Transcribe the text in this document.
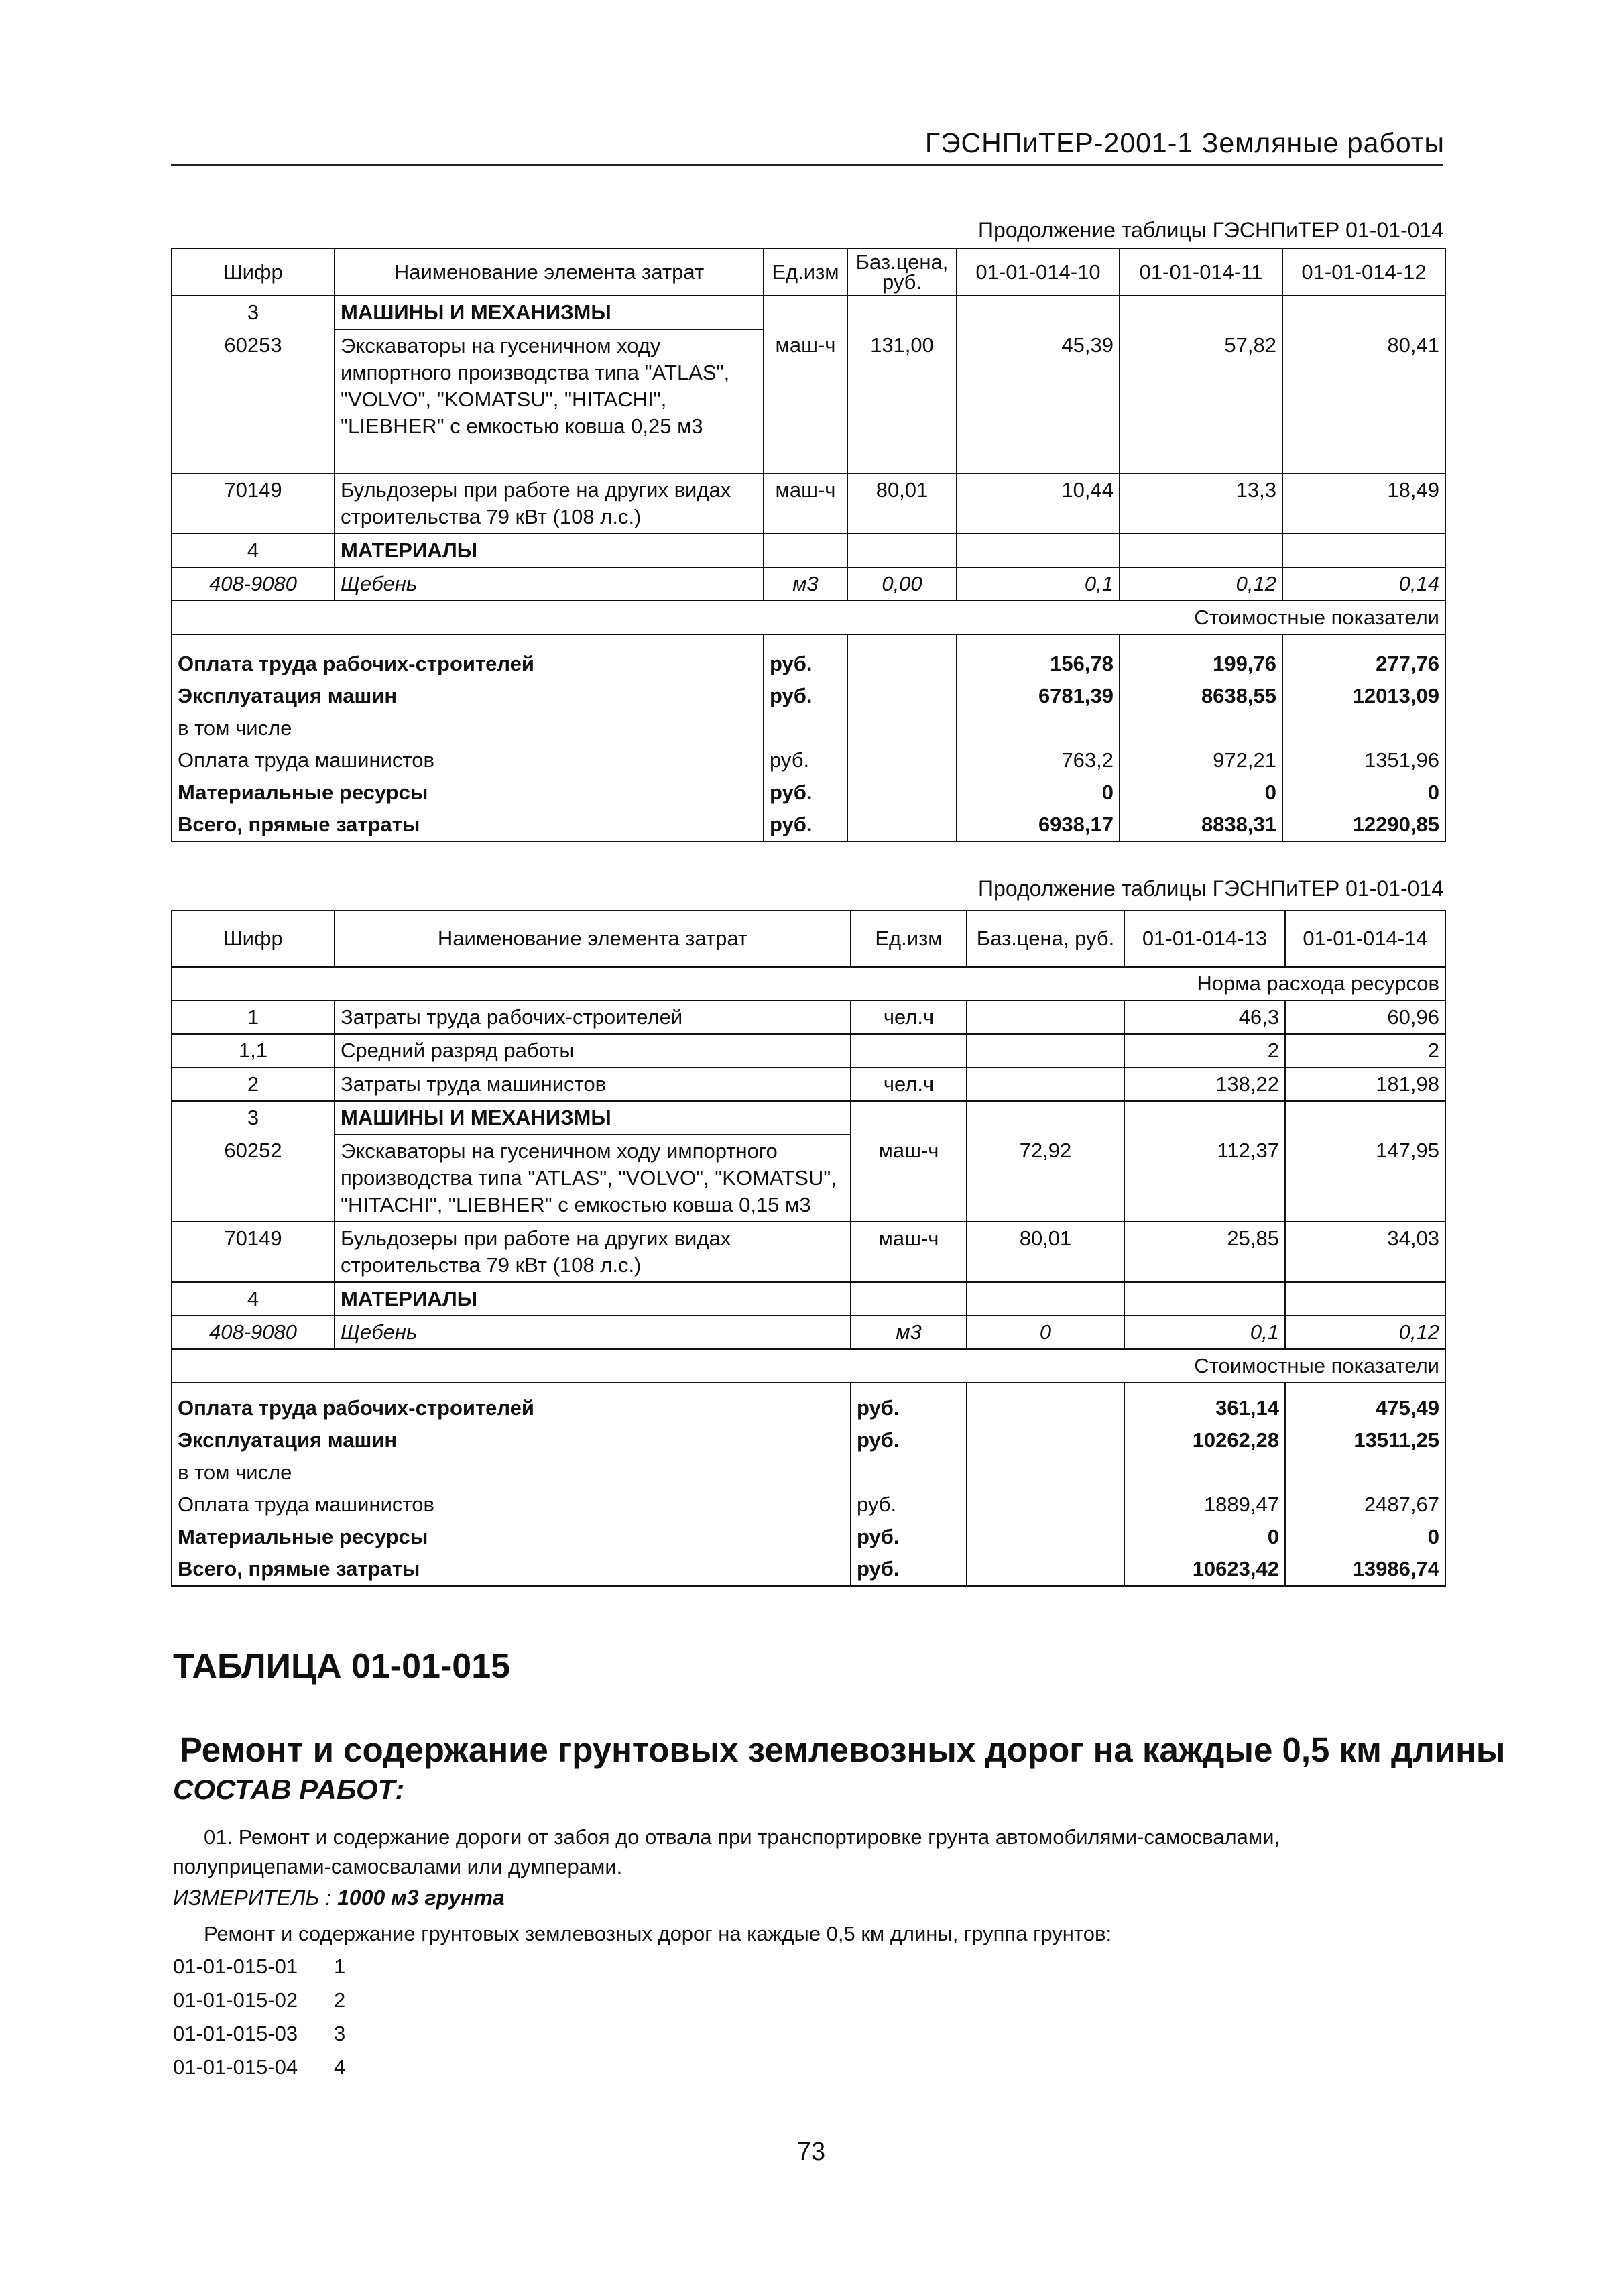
ГЭСНПиТЕР-2001-1 Земляные работы
Продолжение таблицы ГЭСНПиТЕР 01-01-014
Шифр	Наименование элемента затрат	Ед.изм	Баз.цена, руб.	01-01-014-10	01-01-014-11	01-01-014-12
3	МАШИНЫ И МЕХАНИЗМЫ					
60253	Экскаваторы на гусеничном ходу импортного производства типа "ATLAS", "VOLVO", "KOMATSU", "HITACHI", "LIEBHER" с емкостью ковша 0,25 м3	маш-ч	131,00	45,39	57,82	80,41
70149	Бульдозеры при работе на других видах строительства 79 кВт (108 л.с.)	маш-ч	80,01	10,44	13,3	18,49
4	МАТЕРИАЛЫ					
408-9080	Щебень	м3	0,00	0,1	0,12	0,14
Стоимостные показатели						

Оплата труда рабочих-строителей		руб.		156,78	199,76	277,76
Эксплуатация машин		руб.		6781,39	8638,55	12013,09
в том числе						
Оплата труда машинистов		руб.		763,2	972,21	1351,96
Материальные ресурсы		руб.		0	0	0
Всего, прямые затраты		руб.		6938,17	8838,31	12290,85
Продолжение таблицы ГЭСНПиТЕР 01-01-014
Шифр	Наименование элемента затрат	Ед.изм	Баз.цена, руб.	01-01-014-13	01-01-014-14
Норма расхода ресурсов					
1	Затраты труда рабочих-строителей	чел.ч		46,3	60,96
1,1	Средний разряд работы			2	2
2	Затраты труда машинистов	чел.ч		138,22	181,98
3	МАШИНЫ И МЕХАНИЗМЫ				
60252	Экскаваторы на гусеничном ходу импортного производства типа "ATLAS", "VOLVO", "KOMATSU", "HITACHI", "LIEBHER" с емкостью ковша 0,15 м3	маш-ч	72,92	112,37	147,95
70149	Бульдозеры при работе на других видах строительства 79 кВт (108 л.с.)	маш-ч	80,01	25,85	34,03
4	МАТЕРИАЛЫ				
408-9080	Щебень	м3	0	0,1	0,12
Стоимостные показатели					

Оплата труда рабочих-строителей		руб.		361,14	475,49
Эксплуатация машин		руб.		10262,28	13511,25
в том числе					
Оплата труда машинистов		руб.		1889,47	2487,67
Материальные ресурсы		руб.		0	0
Всего, прямые затраты		руб.		10623,42	13986,74
ТАБЛИЦА 01-01-015
Ремонт и содержание грунтовых землевозных дорог на каждые 0,5 км длины
СОСТАВ РАБОТ:
01. Ремонт и содержание дороги от забоя до отвала при транспортировке грунта автомобилями-самосвалами,
полуприцепами-самосвалами или думперами.
ИЗМЕРИТЕЛЬ : 1000 м3 грунта
Ремонт и содержание грунтовых землевозных дорог на каждые 0,5 км длины, группа грунтов:
01-01-015-01 1
01-01-015-02 2
01-01-015-03 3
01-01-015-04 4
73
